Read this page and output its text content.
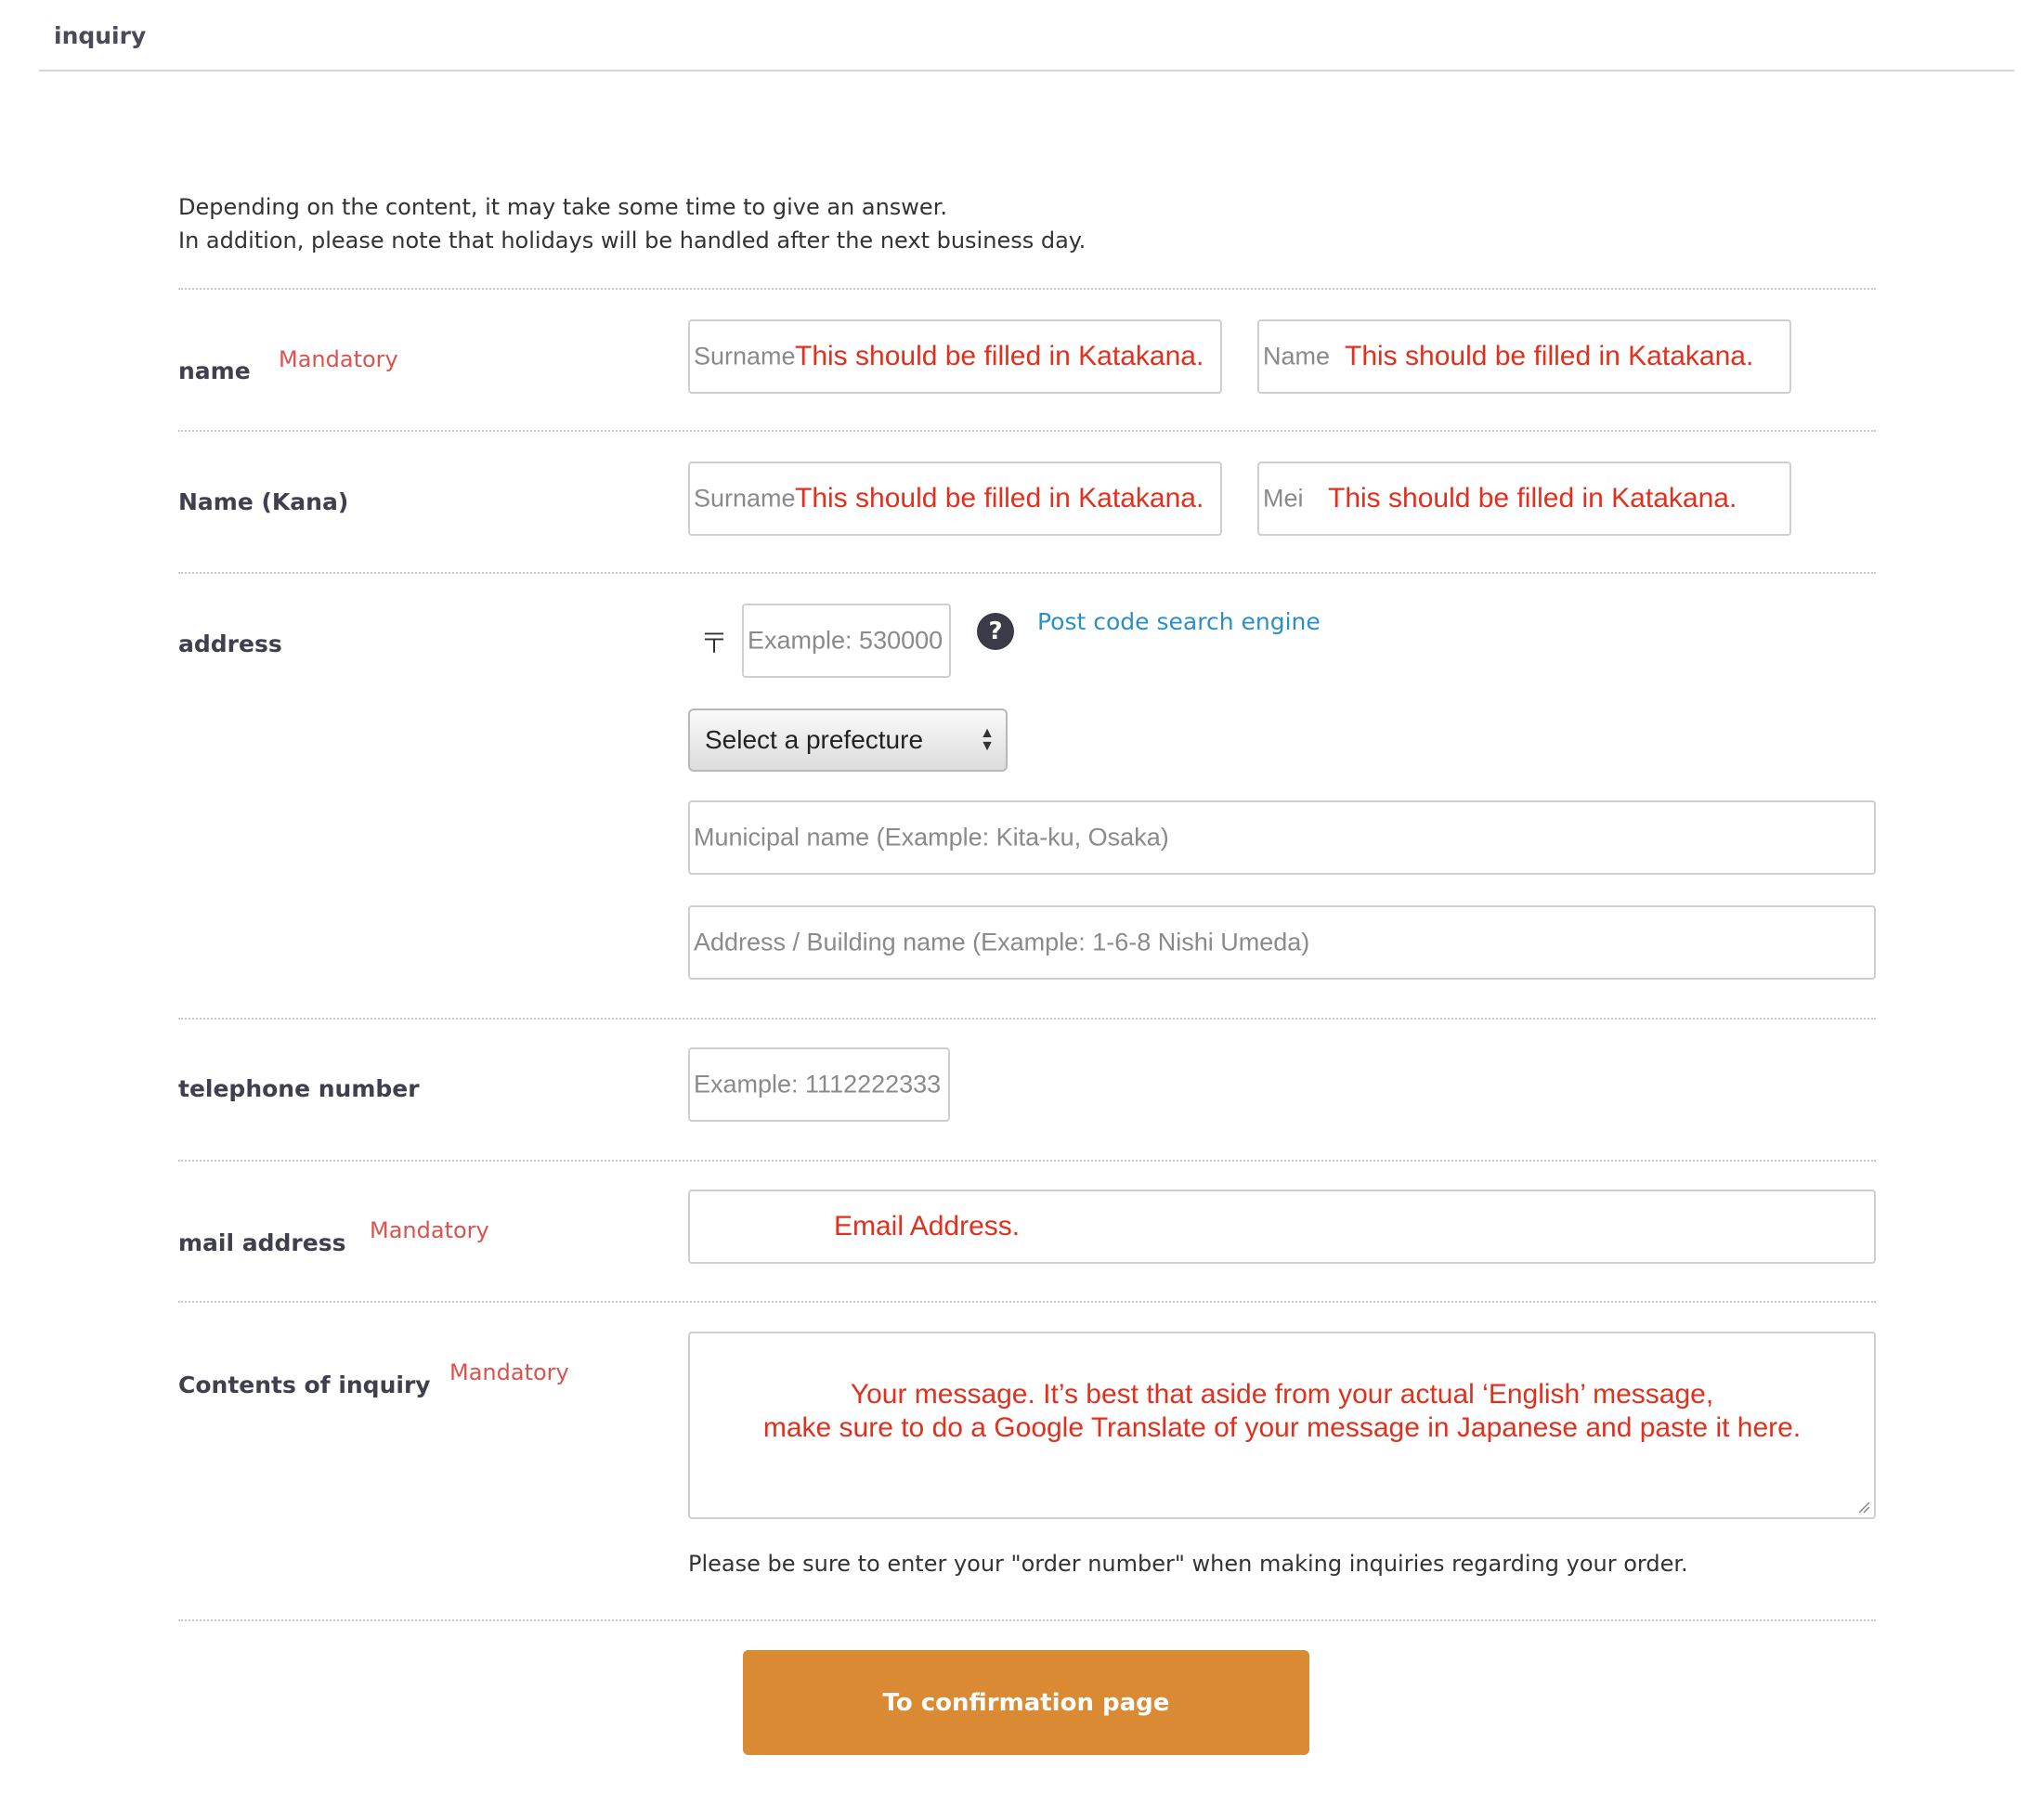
inquiry
Depending on the content, it may take some time to give an answer.
In addition, please note that holidays will be handled after the next business day.
name Mandatory	Surname This should be filled in Katakana. Name This should be filled in Katakana.
Name (Kana)	Surname This should be filled in Katakana. Mei This should be filled in Katakana.
address	〒 Example: 530000	?	Post code search engine
Select a prefecture	▲
▼
Municipal name (Example: Kita-ku, Osaka)
Address / Building name (Example: 1-6-8 Nishi Umeda)
telephone number	Example: 1112222333
mail address Mandatory	Email Address.
Contents of inquiry Mandatory
Your message. It’s best that aside from your actual ‘English’ message,
make sure to do a Google Translate of your message in Japanese and paste it here.
Please be sure to enter your "order number" when making inquiries regarding your order.
To confirmation page
